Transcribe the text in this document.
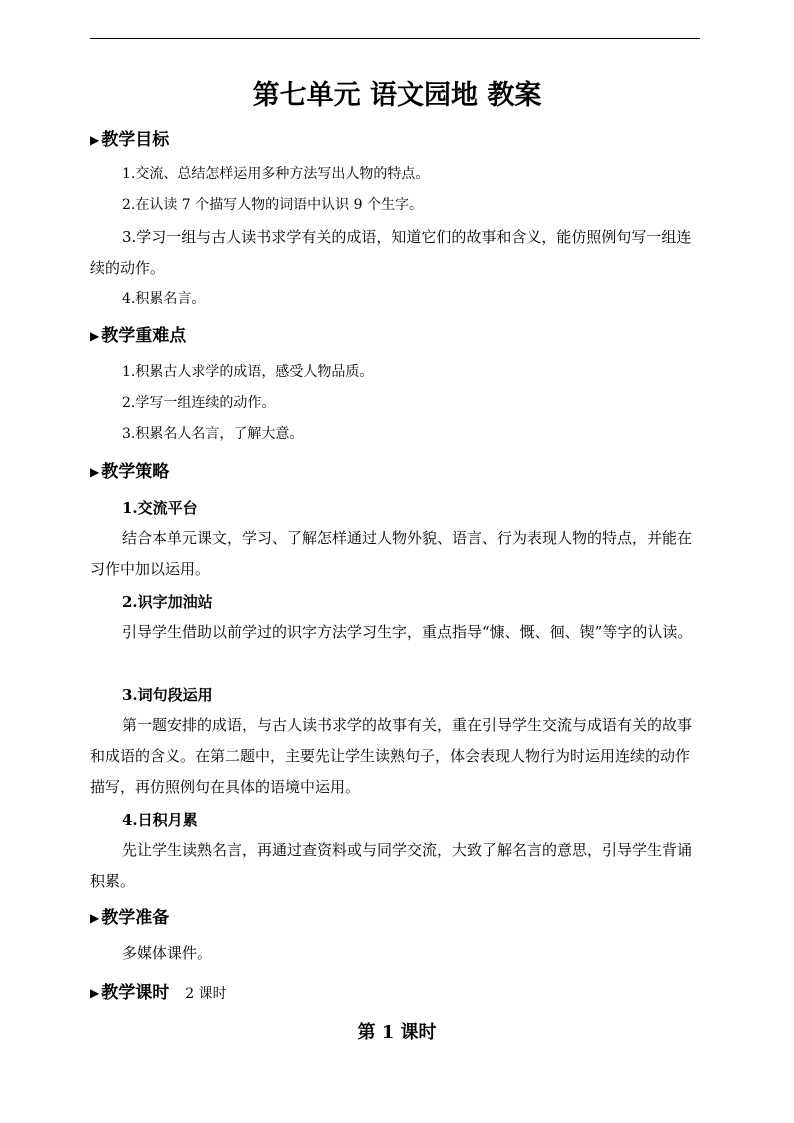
第七单元 语文园地 教案
▶ 教学目标
1.交流、总结怎样运用多种方法写出人物的特点。
2.在认读 7 个描写人物的词语中认识 9 个生字。
3.学习一组与古人读书求学有关的成语，知道它们的故事和含义，能仿照例句写一组连续的动作。
4.积累名言。
▶ 教学重难点
1.积累古人求学的成语，感受人物品质。
2.学写一组连续的动作。
3.积累名人名言，了解大意。
▶ 教学策略
1.交流平台
结合本单元课文，学习、了解怎样通过人物外貌、语言、行为表现人物的特点，并能在习作中加以运用。
2.识字加油站
引导学生借助以前学过的识字方法学习生字，重点指导“慷、慨、徊、锲”等字的认读。
3.词句段运用
第一题安排的成语，与古人读书求学的故事有关，重在引导学生交流与成语有关的故事和成语的含义。在第二题中，主要先让学生读熟句子，体会表现人物行为时运用连续的动作描写，再仿照例句在具体的语境中运用。
4.日积月累
先让学生读熟名言，再通过查资料或与同学交流，大致了解名言的意思，引导学生背诵积累。
▶ 教学准备
多媒体课件。
▶ 教学课时 2 课时
第 1 课时
